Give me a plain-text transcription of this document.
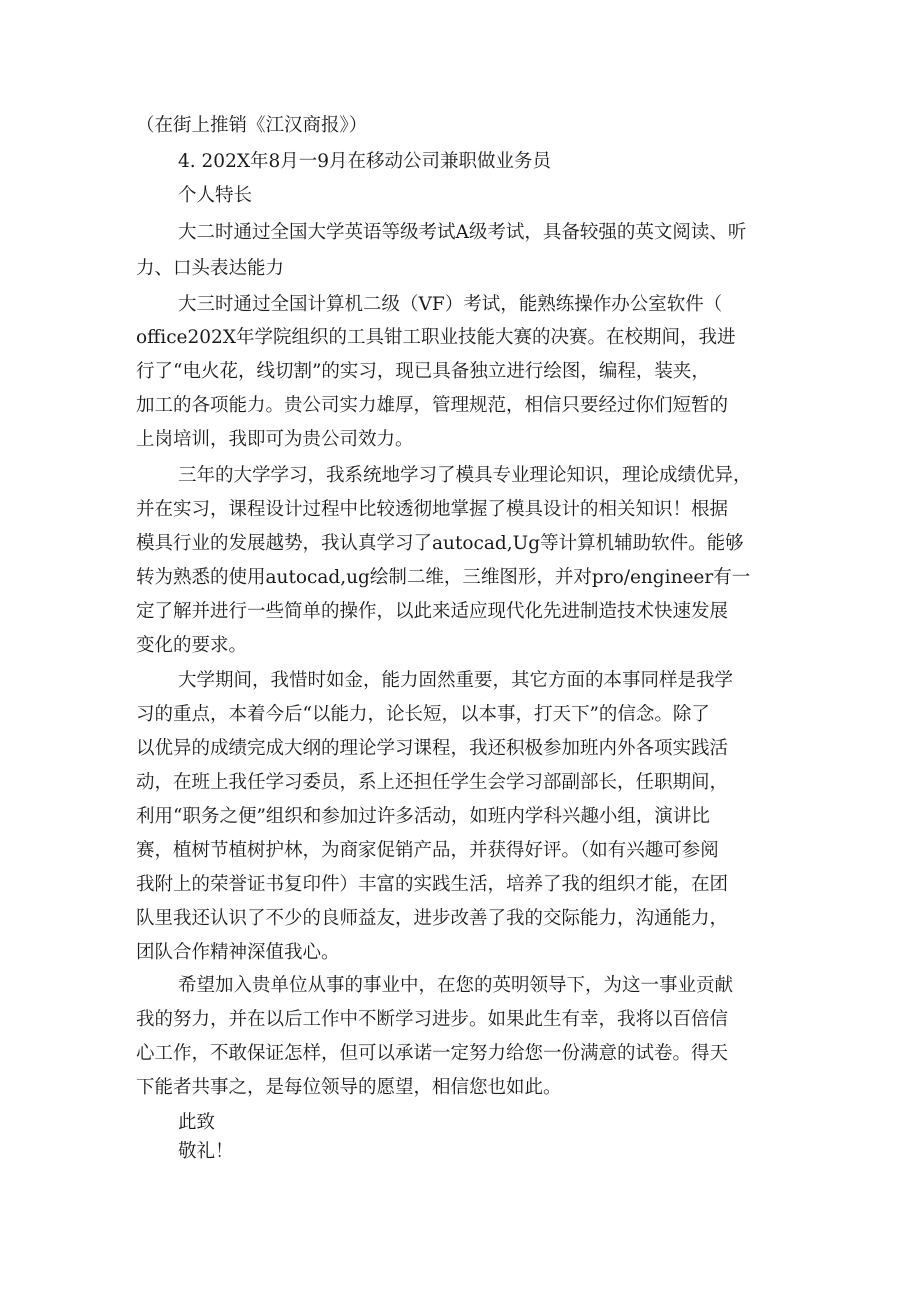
（在街上推销《江汉商报》）
4. 202X年8月一9月在移动公司兼职做业务员
个人特长
大二时通过全国大学英语等级考试A级考试，具备较强的英文阅读、听
力、口头表达能力
大三时通过全国计算机二级（VF）考试，能熟练操作办公室软件（
office202X年学院组织的工具钳工职业技能大赛的决赛。在校期间，我进
行了“电火花，线切割”的实习，现已具备独立进行绘图，编程，装夹，
加工的各项能力。贵公司实力雄厚，管理规范，相信只要经过你们短暂的
上岗培训，我即可为贵公司效力。
三年的大学学习，我系统地学习了模具专业理论知识，理论成绩优异，
并在实习，课程设计过程中比较透彻地掌握了模具设计的相关知识！根据
模具行业的发展越势，我认真学习了autocad,Ug等计算机辅助软件。能够
转为熟悉的使用autocad,ug绘制二维，三维图形，并对pro/engineer有一
定了解并进行一些简单的操作，以此来适应现代化先进制造技术快速发展
变化的要求。
大学期间，我惜时如金，能力固然重要，其它方面的本事同样是我学
习的重点，本着今后“以能力，论长短，以本事，打天下”的信念。除了
以优异的成绩完成大纲的理论学习课程，我还积极参加班内外各项实践活
动，在班上我任学习委员，系上还担任学生会学习部副部长，任职期间，
利用“职务之便”组织和参加过许多活动，如班内学科兴趣小组，演讲比
赛，植树节植树护林，为商家促销产品，并获得好评。（如有兴趣可参阅
我附上的荣誉证书复印件）丰富的实践生活，培养了我的组织才能，在团
队里我还认识了不少的良师益友，进步改善了我的交际能力，沟通能力，
团队合作精神深值我心。
希望加入贵单位从事的事业中，在您的英明领导下，为这一事业贡献
我的努力，并在以后工作中不断学习进步。如果此生有幸，我将以百倍信
心工作，不敢保证怎样，但可以承诺一定努力给您一份满意的试卷。得天
下能者共事之，是每位领导的愿望，相信您也如此。
此致
敬礼！
